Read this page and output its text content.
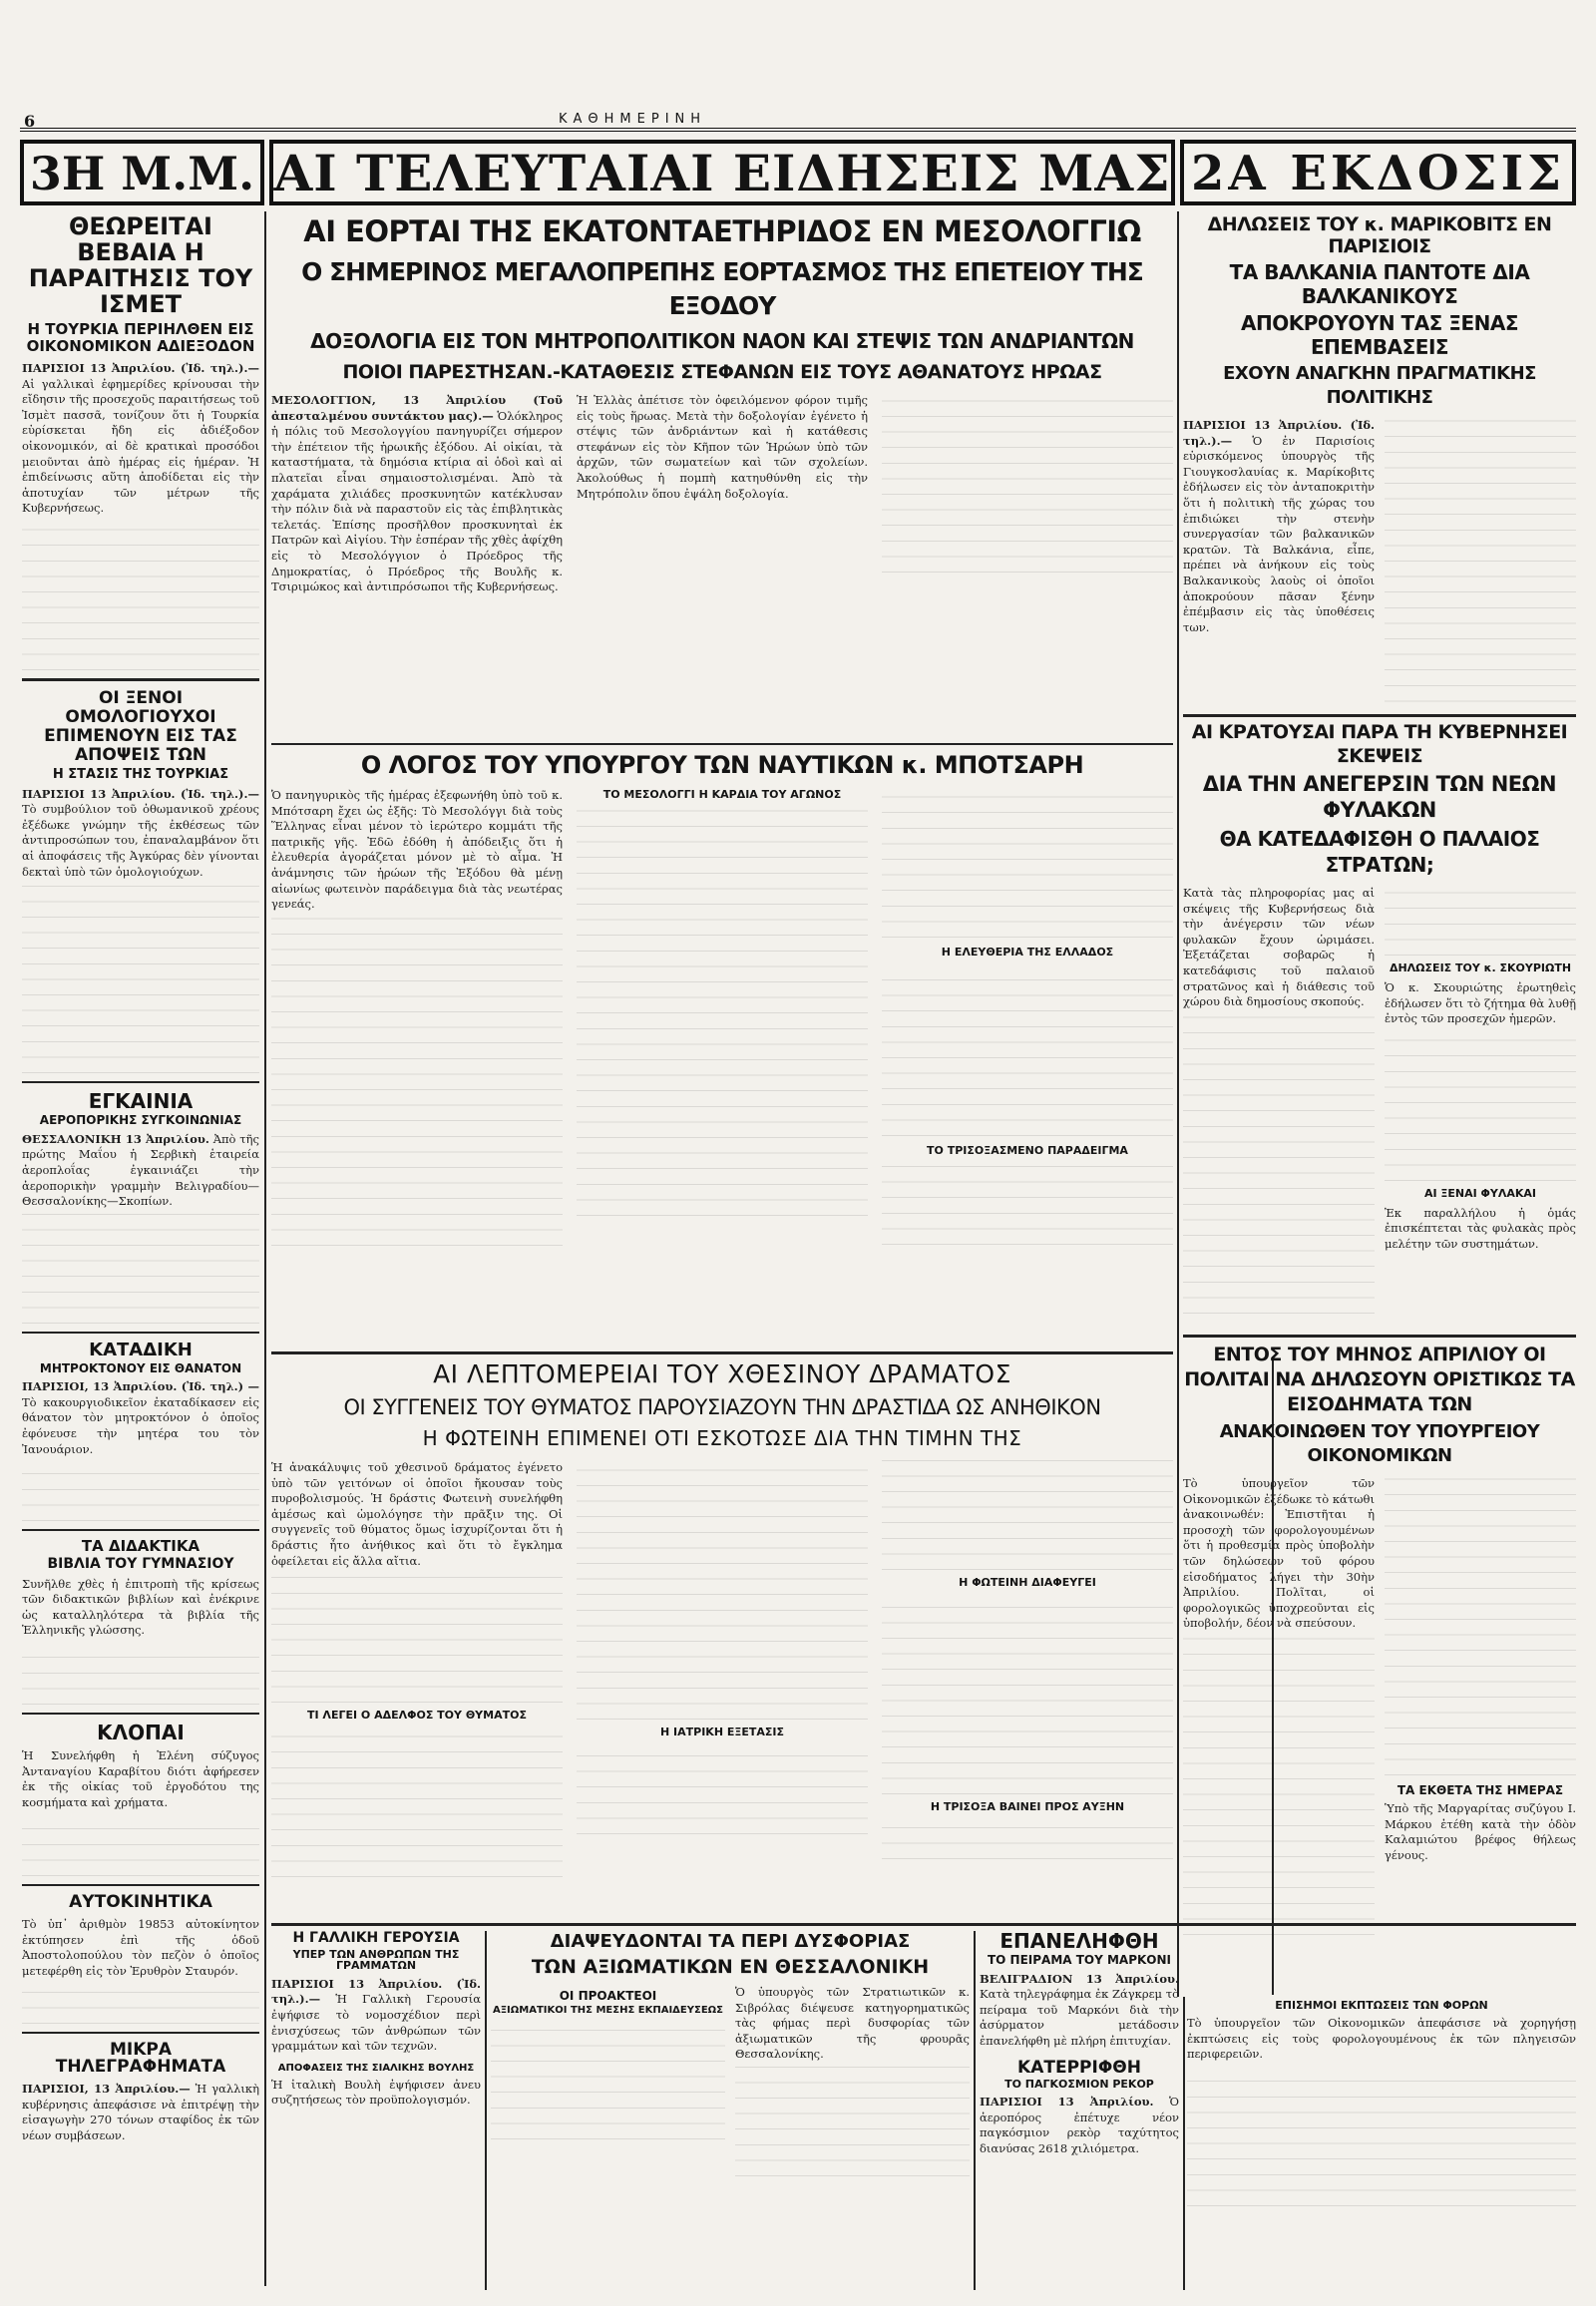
6	ΚΑΘΗΜΕΡΙΝΗ
3Η Μ.Μ. ΑΙ ΤΕΛΕΥΤΑΙΑΙ ΕΙΔΗΣΕΙΣ ΜΑΣ 2Α ΕΚΔΟΣΙΣ
ΘΕΩΡΕΙΤΑΙ ΒΕΒΑΙΑ Η ΠΑΡΑΙΤΗΣΙΣ ΤΟΥ ΙΣΜΕΤ
Η ΤΟΥΡΚΙΑ ΠΕΡΙΗΛΘΕΝ ΕΙΣ ΟΙΚΟΝΟΜΙΚΟΝ ΑΔΙΕΞΟΔΟΝ
ΠΑΡΙΣΙΟΙ 13 Ἀπριλίου. (Ἰδ. τηλ.).— Αἱ γαλλικαὶ ἐφημερίδες κρίνουσαι τὴν εἴδησιν τῆς προσεχοῦς παραιτήσεως τοῦ Ἰσμὲτ πασσᾶ, τονίζουν ὅτι ἡ Τουρκία εὑρίσκεται ἤδη εἰς ἀδιέξοδον οἰκονομικόν, αἱ δὲ κρατικαὶ προσόδοι μειοῦνται ἀπὸ ἡμέρας εἰς ἡμέραν. Ἡ ἐπιδείνωσις αὕτη ἀποδίδεται εἰς τὴν ἀποτυχίαν τῶν μέτρων τῆς Κυβερνήσεως.
ΟΙ ΞΕΝΟΙ ΟΜΟΛΟΓΙΟΥΧΟΙ ΕΠΙΜΕΝΟΥΝ ΕΙΣ ΤΑΣ ΑΠΟΨΕΙΣ ΤΩΝ
Η ΣΤΑΣΙΣ ΤΗΣ ΤΟΥΡΚΙΑΣ
ΠΑΡΙΣΙΟΙ 13 Ἀπριλίου. (Ἰδ. τηλ.).— Τὸ συμβούλιον τοῦ ὀθωμανικοῦ χρέους ἐξέδωκε γνώμην τῆς ἐκθέσεως τῶν ἀντιπροσώπων του, ἐπαναλαμβάνον ὅτι αἱ ἀποφάσεις τῆς Ἀγκύρας δὲν γίνονται δεκταὶ ὑπὸ τῶν ὁμολογιούχων.
ΕΓΚΑΙΝΙΑ
ΑΕΡΟΠΟΡΙΚΗΣ ΣΥΓΚΟΙΝΩΝΙΑΣ
ΘΕΣΣΑΛΟΝΙΚΗ 13 Ἀπριλίου. Ἀπὸ τῆς πρώτης Μαΐου ἡ Σερβικὴ ἑταιρεία ἀεροπλοΐας ἐγκαινιάζει τὴν ἀεροπορικὴν γραμμὴν Βελιγραδίου—Θεσσαλονίκης—Σκοπίων.
ΚΑΤΑΔΙΚΗ
ΜΗΤΡΟΚΤΟΝΟΥ ΕΙΣ ΘΑΝΑΤΟΝ
ΠΑΡΙΣΙΟΙ, 13 Ἀπριλίου. (Ἰδ. τηλ.) — Τὸ κακουργιοδικεῖον ἐκαταδίκασεν εἰς θάνατον τὸν μητροκτόνον ὁ ὁποῖος ἐφόνευσε τὴν μητέρα του τὸν Ἰανουάριον.
ΤΑ ΔΙΔΑΚΤΙΚΑ
ΒΙΒΛΙΑ ΤΟΥ ΓΥΜΝΑΣΙΟΥ
Συνῆλθε χθὲς ἡ ἐπιτροπὴ τῆς κρίσεως τῶν διδακτικῶν βιβλίων καὶ ἐνέκρινε ὡς καταλληλότερα τὰ βιβλία τῆς Ἑλληνικῆς γλώσσης.
ΚΛΟΠΑΙ
Ἡ Συνελήφθη ἡ Ἑλένη σύζυγος Ἀνταναγίου Καραβίτου διότι ἀφήρεσεν ἐκ τῆς οἰκίας τοῦ ἐργοδότου της κοσμήματα καὶ χρήματα.
ΑΥΤΟΚΙΝΗΤΙΚΑ
Τὸ ὑπ᾽ ἀριθμὸν 19853 αὐτοκίνητον ἐκτύπησεν ἐπὶ τῆς ὁδοῦ Ἀποστολοπούλου τὸν πεζὸν ὁ ὁποῖος μετεφέρθη εἰς τὸν Ἐρυθρὸν Σταυρόν.
ΜΙΚΡΑ ΤΗΛΕΓΡΑΦΗΜΑΤΑ
ΠΑΡΙΣΙΟΙ, 13 Ἀπριλίου.— Ἡ γαλλικὴ κυβέρνησις ἀπεφάσισε νὰ ἐπιτρέψῃ τὴν εἰσαγωγὴν 270 τόνων σταφίδος ἐκ τῶν νέων συμβάσεων.
ΑΙ ΕΟΡΤΑΙ ΤΗΣ ΕΚΑΤΟΝΤΑΕΤΗΡΙΔΟΣ ΕΝ ΜΕΣΟΛΟΓΓΙΩ
Ο ΣΗΜΕΡΙΝΟΣ ΜΕΓΑΛΟΠΡΕΠΗΣ ΕΟΡΤΑΣΜΟΣ ΤΗΣ ΕΠΕΤΕΙΟΥ ΤΗΣ ΕΞΟΔΟΥ
ΔΟΞΟΛΟΓΙΑ ΕΙΣ ΤΟΝ ΜΗΤΡΟΠΟΛΙΤΙΚΟΝ ΝΑΟΝ ΚΑΙ ΣΤΕΨΙΣ ΤΩΝ ΑΝΔΡΙΑΝΤΩΝ
ΠΟΙΟΙ ΠΑΡΕΣΤΗΣΑΝ.-ΚΑΤΑΘΕΣΙΣ ΣΤΕΦΑΝΩΝ ΕΙΣ ΤΟΥΣ ΑΘΑΝΑΤΟΥΣ ΗΡΩΑΣ
ΜΕΣΟΛΟΓΓΙΟΝ, 13 Ἀπριλίου (Τοῦ ἀπεσταλμένου συντάκτου μας).— Ὁλόκληρος ἡ πόλις τοῦ Μεσολογγίου πανηγυρίζει σήμερον τὴν ἐπέτειον τῆς ἡρωικῆς ἐξόδου. Αἱ οἰκίαι, τὰ καταστήματα, τὰ δημόσια κτίρια αἱ ὁδοὶ καὶ αἱ πλατεῖαι εἶναι σημαιοστολισμέναι. Ἀπὸ τὰ χαράματα χιλιάδες προσκυνητῶν κατέκλυσαν τὴν πόλιν διὰ νὰ παραστοῦν εἰς τὰς ἐπιβλητικὰς τελετάς. Ἐπίσης προσῆλθον προσκυνηταὶ ἐκ Πατρῶν καὶ Αἰγίου. Τὴν ἐσπέραν τῆς χθὲς ἀφίχθη εἰς τὸ Μεσολόγγιον ὁ Πρόεδρος τῆς Δημοκρατίας, ὁ Πρόεδρος τῆς Βουλῆς κ. Τσιριμώκος καὶ ἀντιπρόσωποι τῆς Κυβερνήσεως.
Ἡ Ἑλλὰς ἀπέτισε τὸν ὀφειλόμενον φόρον τιμῆς εἰς τοὺς ἥρωας. Μετὰ τὴν δοξολογίαν ἐγένετο ἡ στέψις τῶν ἀνδριάντων καὶ ἡ κατάθεσις στεφάνων εἰς τὸν Κῆπον τῶν Ἡρώων ὑπὸ τῶν ἀρχῶν, τῶν σωματείων καὶ τῶν σχολείων. Ἀκολούθως ἡ πομπὴ κατηυθύνθη εἰς τὴν Μητρόπολιν ὅπου ἐψάλη δοξολογία.
Ο ΛΟΓΟΣ ΤΟΥ ΥΠΟΥΡΓΟΥ ΤΩΝ ΝΑΥΤΙΚΩΝ κ. ΜΠΟΤΣΑΡΗ
Ὁ πανηγυρικὸς τῆς ἡμέρας ἐξεφωνήθη ὑπὸ τοῦ κ. Μπότσαρη ἔχει ὡς ἑξῆς: Τὸ Μεσολόγγι διὰ τοὺς Ἕλληνας εἶναι μένον τὸ ἱερώτερο κομμάτι τῆς πατρικῆς γῆς. Ἐδῶ ἐδόθη ἡ ἀπόδειξις ὅτι ἡ ἐλευθερία ἀγοράζεται μόνον μὲ τὸ αἷμα. Ἡ ἀνάμνησις τῶν ἡρώων τῆς Ἐξόδου θὰ μένῃ αἰωνίως φωτεινὸν παράδειγμα διὰ τὰς νεωτέρας γενεάς.
ΤΟ ΜΕΣΟΛΟΓΓΙ Η ΚΑΡΔΙΑ ΤΟΥ ΑΓΩΝΟΣ
Η ΕΛΕΥΘΕΡΙΑ ΤΗΣ ΕΛΛΑΔΟΣ
ΤΟ ΤΡΙΣΟΞΑΣΜΕΝΟ ΠΑΡΑΔΕΙΓΜΑ
ΔΗΛΩΣΕΙΣ ΤΟΥ κ. ΜΑΡΙΚΟΒΙΤΣ ΕΝ ΠΑΡΙΣΙΟΙΣ
ΤΑ ΒΑΛΚΑΝΙΑ ΠΑΝΤΟΤΕ ΔΙΑ ΒΑΛΚΑΝΙΚΟΥΣ
ΑΠΟΚΡΟΥΟΥΝ ΤΑΣ ΞΕΝΑΣ ΕΠΕΜΒΑΣΕΙΣ
ΕΧΟΥΝ ΑΝΑΓΚΗΝ ΠΡΑΓΜΑΤΙΚΗΣ ΠΟΛΙΤΙΚΗΣ
ΠΑΡΙΣΙΟΙ 13 Ἀπριλίου. (Ἰδ. τηλ.).— Ὁ ἐν Παρισίοις εὑρισκόμενος ὑπουργὸς τῆς Γιουγκοσλαυίας κ. Μαρίκοβιτς ἐδήλωσεν εἰς τὸν ἀνταποκριτὴν ὅτι ἡ πολιτικὴ τῆς χώρας του ἐπιδιώκει τὴν στενὴν συνεργασίαν τῶν βαλκανικῶν κρατῶν. Τὰ Βαλκάνια, εἶπε, πρέπει νὰ ἀνήκουν εἰς τοὺς Βαλκανικοὺς λαοὺς οἱ ὁποῖοι ἀποκρούουν πᾶσαν ξένην ἐπέμβασιν εἰς τὰς ὑποθέσεις των.
ΑΙ ΚΡΑΤΟΥΣΑΙ ΠΑΡΑ ΤΗ ΚΥΒΕΡΝΗΣΕΙ ΣΚΕΨΕΙΣ
ΔΙΑ ΤΗΝ ΑΝΕΓΕΡΣΙΝ ΤΩΝ ΝΕΩΝ ΦΥΛΑΚΩΝ
ΘΑ ΚΑΤΕΔΑΦΙΣΘΗ Ο ΠΑΛΑΙΟΣ ΣΤΡΑΤΩΝ;
Κατὰ τὰς πληροφορίας μας αἱ σκέψεις τῆς Κυβερνήσεως διὰ τὴν ἀνέγερσιν τῶν νέων φυλακῶν ἔχουν ὡριμάσει. Ἐξετάζεται σοβαρῶς ἡ κατεδάφισις τοῦ παλαιοῦ στρατῶνος καὶ ἡ διάθεσις τοῦ χώρου διὰ δημοσίους σκοπούς.
ΔΗΛΩΣΕΙΣ ΤΟΥ κ. ΣΚΟΥΡΙΩΤΗ
Ὁ κ. Σκουριώτης ἐρωτηθεὶς ἐδήλωσεν ὅτι τὸ ζήτημα θὰ λυθῇ ἐντὸς τῶν προσεχῶν ἡμερῶν.
ΑΙ ΞΕΝΑΙ ΦΥΛΑΚΑΙ
Ἐκ παραλλήλου ἡ ὁμάς ἐπισκέπτεται τὰς φυλακὰς πρὸς μελέτην τῶν συστημάτων.
ΑΙ ΛΕΠΤΟΜΕΡΕΙΑΙ ΤΟΥ ΧΘΕΣΙΝΟΥ ΔΡΑΜΑΤΟΣ
ΟΙ ΣΥΓΓΕΝΕΙΣ ΤΟΥ ΘΥΜΑΤΟΣ ΠΑΡΟΥΣΙΑΖΟΥΝ ΤΗΝ ΔΡΑΣΤΙΔΑ ΩΣ ΑΝΗΘΙΚΟΝ
Η ΦΩΤΕΙΝΗ ΕΠΙΜΕΝΕΙ ΟΤΙ ΕΣΚΟΤΩΣΕ ΔΙΑ ΤΗΝ ΤΙΜΗΝ ΤΗΣ
Ἡ ἀνακάλυψις τοῦ χθεσινοῦ δράματος ἐγένετο ὑπὸ τῶν γειτόνων οἱ ὁποῖοι ἤκουσαν τοὺς πυροβολισμούς. Ἡ δράστις Φωτεινὴ συνελήφθη ἀμέσως καὶ ὡμολόγησε τὴν πρᾶξιν της. Οἱ συγγενεῖς τοῦ θύματος ὅμως ἰσχυρίζονται ὅτι ἡ δράστις ἦτο ἀνήθικος καὶ ὅτι τὸ ἔγκλημα ὀφείλεται εἰς ἄλλα αἴτια.
ΤΙ ΛΕΓΕΙ Ο ΑΔΕΛΦΟΣ ΤΟΥ ΘΥΜΑΤΟΣ
Η ΙΑΤΡΙΚΗ ΕΞΕΤΑΣΙΣ
Η ΦΩΤΕΙΝΗ ΔΙΑΦΕΥΓΕΙ
Η ΤΡΙΣΟΞΑ ΒΑΙΝΕΙ ΠΡΟΣ ΑΥΞΗΝ
ΕΝΤΟΣ ΤΟΥ ΜΗΝΟΣ ΑΠΡΙΛΙΟΥ ΟΙ ΠΟΛΙΤΑΙ ΝΑ ΔΗΛΩΣΟΥΝ ΟΡΙΣΤΙΚΩΣ ΤΑ ΕΙΣΟΔΗΜΑΤΑ ΤΩΝ
ΑΝΑΚΟΙΝΩΘΕΝ ΤΟΥ ΥΠΟΥΡΓΕΙΟΥ ΟΙΚΟΝΟΜΙΚΩΝ
Τὸ ὑπουργεῖον τῶν Οἰκονομικῶν ἐξέδωκε τὸ κάτωθι ἀνακοινωθέν: Ἐπιστῆται ἡ προσοχὴ τῶν φορολογουμένων ὅτι ἡ προθεσμία πρὸς ὑποβολὴν τῶν δηλώσεων τοῦ φόρου εἰσοδήματος λήγει τὴν 30ὴν Ἀπριλίου. Πολῖται, οἱ φορολογικῶς ὑποχρεοῦνται εἰς ὑποβολήν, δέον νὰ σπεύσουν.
ΤΑ ΕΚΘΕΤΑ ΤΗΣ ΗΜΕΡΑΣ
Ὑπὸ τῆς Μαργαρίτας συζύγου Ι. Μάρκου ἐτέθη κατὰ τὴν ὁδὸν Καλαμιώτου βρέφος θήλεως γένους.
Η ΓΑΛΛΙΚΗ ΓΕΡΟΥΣΙΑ
ΥΠΕΡ ΤΩΝ ΑΝΘΡΩΠΩΝ ΤΗΣ ΓΡΑΜΜΑΤΩΝ
ΠΑΡΙΣΙΟΙ 13 Ἀπριλίου. (Ἰδ. τηλ.).— Ἡ Γαλλικὴ Γερουσία ἐψήφισε τὸ νομοσχέδιον περὶ ἐνισχύσεως τῶν ἀνθρώπων τῶν γραμμάτων καὶ τῶν τεχνῶν.
ΑΠΟΦΑΣΕΙΣ ΤΗΣ ΣΙΑΛΙΚΗΣ ΒΟΥΛΗΣ
Ἡ ἰταλικὴ Βουλὴ ἐψήφισεν ἀνευ συζητήσεως τὸν προϋπολογισμόν.
ΔΙΑΨΕΥΔΟΝΤΑΙ ΤΑ ΠΕΡΙ ΔΥΣΦΟΡΙΑΣ
ΤΩΝ ΑΞΙΩΜΑΤΙΚΩΝ ΕΝ ΘΕΣΣΑΛΟΝΙΚΗ
ΟΙ ΠΡΟΑΚΤΕΟΙ
ΑΞΙΩΜΑΤΙΚΟΙ ΤΗΣ ΜΕΣΗΣ ΕΚΠΑΙΔΕΥΣΕΩΣ
Ὁ ὑπουργὸς τῶν Στρατιωτικῶν κ. Σιβρόλας διέψευσε κατηγορηματικῶς τὰς φήμας περὶ δυσφορίας τῶν ἀξιωματικῶν τῆς φρουρᾶς Θεσσαλονίκης.
ΕΠΑΝΕΛΗΦΘΗ
ΤΟ ΠΕΙΡΑΜΑ ΤΟΥ ΜΑΡΚΟΝΙ
ΒΕΛΙΓΡΑΔΙΟΝ 13 Ἀπριλίου. Κατὰ τηλεγράφημα ἐκ Ζάγκρεμ τὸ πείραμα τοῦ Μαρκόνι διὰ τὴν ἀσύρματον μετάδοσιν ἐπανελήφθη μὲ πλήρη ἐπιτυχίαν.
ΚΑΤΕΡΡΙΦΘΗ
ΤΟ ΠΑΓΚΟΣΜΙΟΝ ΡΕΚΟΡ
ΠΑΡΙΣΙΟΙ 13 Ἀπριλίου. Ὁ ἀεροπόρος ἐπέτυχε νέον παγκόσμιον ρεκὸρ ταχύτητος διανύσας 2618 χιλιόμετρα.
ΕΠΙΣΗΜΟΙ ΕΚΠΤΩΣΕΙΣ ΤΩΝ ΦΟΡΩΝ
Τὸ ὑπουργεῖον τῶν Οἰκονομικῶν ἀπεφάσισε νὰ χορηγήσῃ ἐκπτώσεις εἰς τοὺς φορολογουμένους ἐκ τῶν πληγεισῶν περιφερειῶν.
